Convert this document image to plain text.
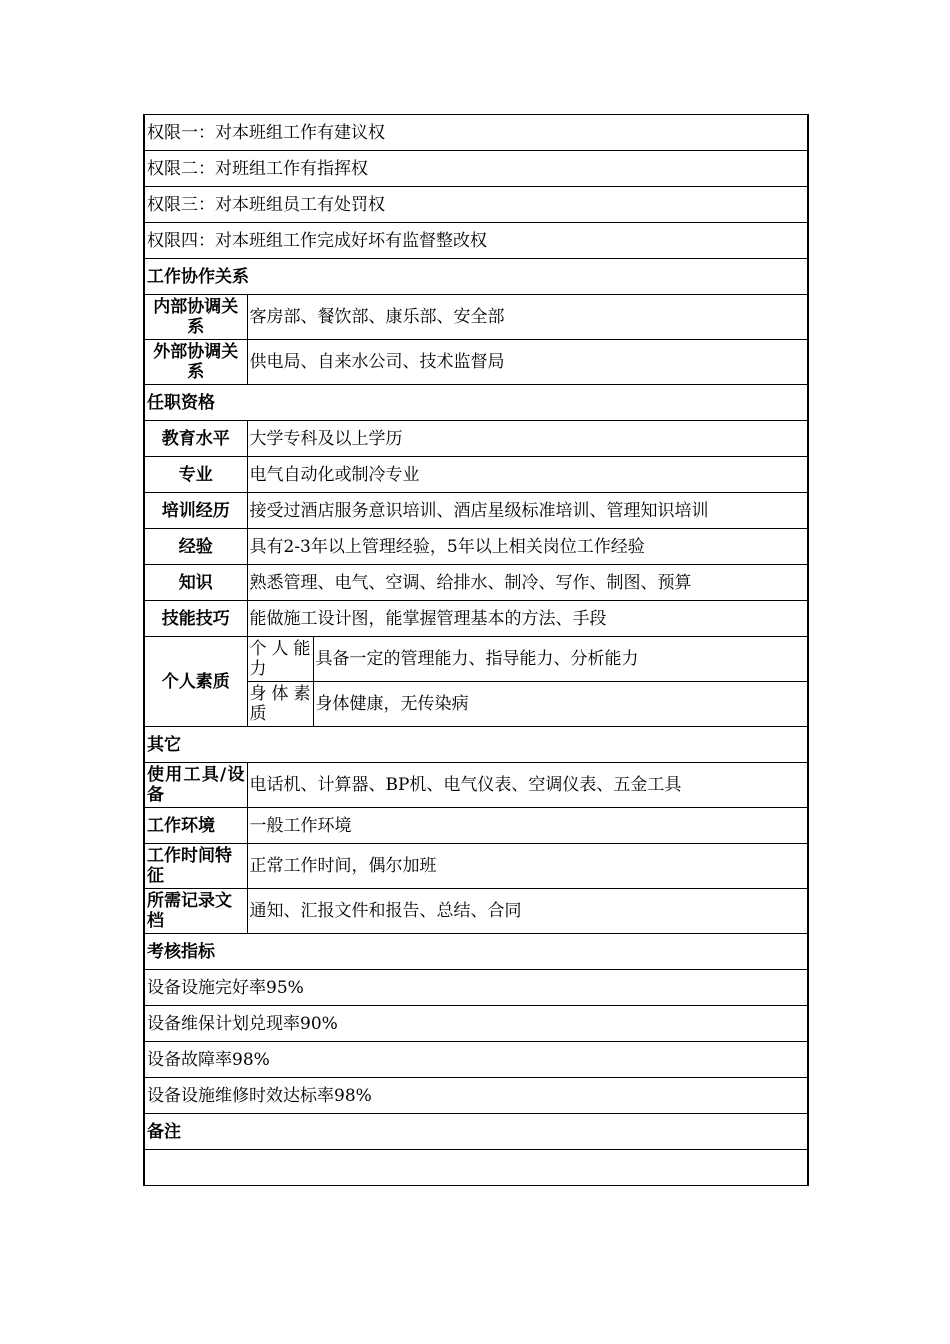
权限一：对本班组工作有建议权		
权限二：对班组工作有指挥权		
权限三：对本班组员工有处罚权		
权限四：对本班组工作完成好坏有监督整改权		
工作协作关系		
内部协调关系	客房部、餐饮部、康乐部、安全部	
外部协调关系	供电局、自来水公司、技术监督局	
任职资格		
教育水平	大学专科及以上学历	
专业	电气自动化或制冷专业	
培训经历	接受过酒店服务意识培训、酒店星级标准培训、管理知识培训	
经验	具有2-3年以上管理经验，5年以上相关岗位工作经验	
知识	熟悉管理、电气、空调、给排水、制冷、写作、制图、预算	
技能技巧	能做施工设计图，能掌握管理基本的方法、手段	
个人素质	个人能力	具备一定的管理能力、指导能力、分析能力
	身体素质	身体健康，无传染病
其它		
使用工具/设备	电话机、计算器、BP机、电气仪表、空调仪表、五金工具	
工作环境	一般工作环境	
工作时间特征	正常工作时间，偶尔加班	
所需记录文档	通知、汇报文件和报告、总结、合同	
考核指标		
设备设施完好率95%		
设备维保计划兑现率90%		
设备故障率98%		
设备设施维修时效达标率98%		
备注		
